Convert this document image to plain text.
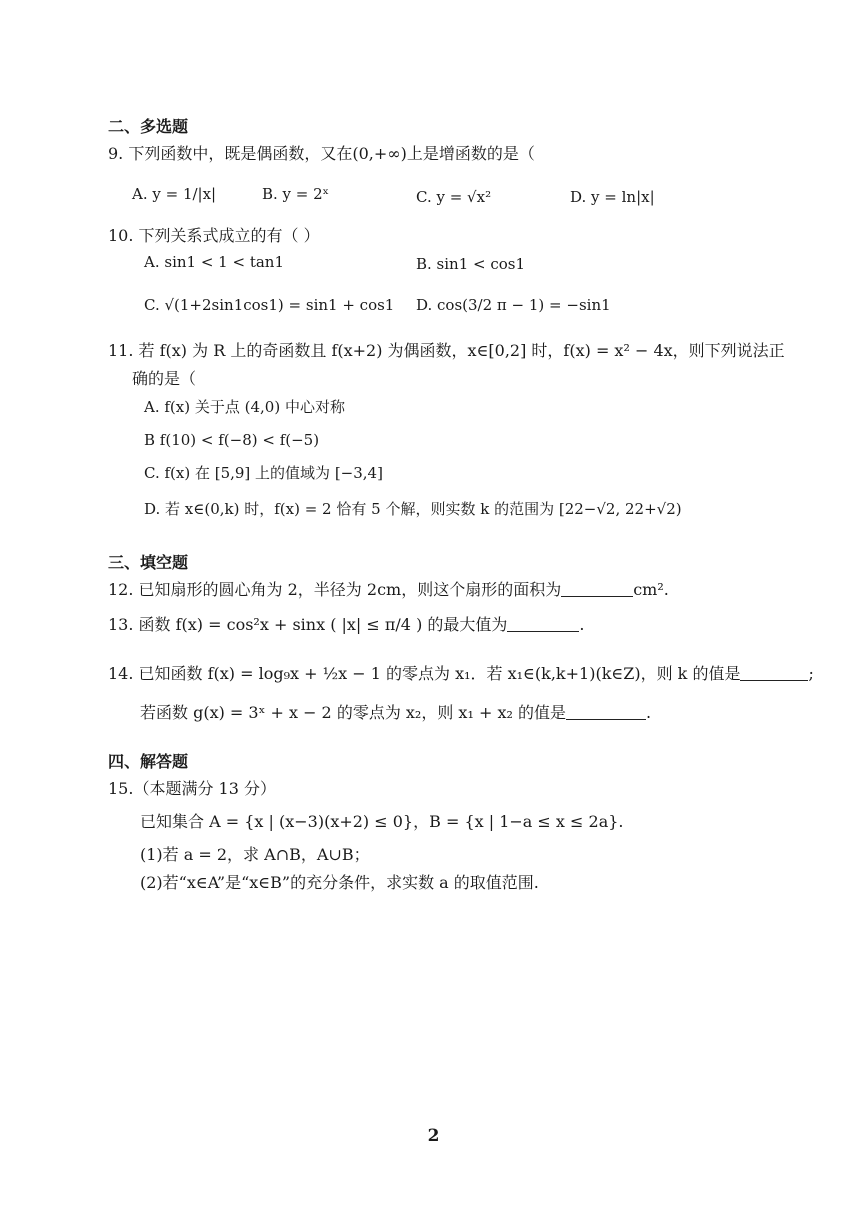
二、多选题
9. 下列函数中，既是偶函数，又在(0,+∞)上是增函数的是（
A. y = 1/|x|	B. y = 2ˣ	C. y = √x²	D. y = ln|x|
10. 下列关系式成立的有（ ）
A. sin1 < 1 < tan1	B. sin1 < cos1
C. √(1+2sin1cos1) = sin1 + cos1 D. cos(3/2 π − 1) = −sin1
11. 若 f(x) 为 R 上的奇函数且 f(x+2) 为偶函数，x∈[0,2] 时，f(x) = x² − 4x，则下列说法正
确的是（
A. f(x) 关于点 (4,0) 中心对称
B f(10) < f(−8) < f(−5)
C. f(x) 在 [5,9] 上的值域为 [−3,4]
D. 若 x∈(0,k) 时，f(x) = 2 恰有 5 个解，则实数 k 的范围为 [22−√2, 22+√2)
三、填空题
12. 已知扇形的圆心角为 2，半径为 2cm，则这个扇形的面积为	cm².
13. 函数 f(x) = cos²x + sinx ( |x| ≤ π/4 ) 的最大值为	.
14. 已知函数 f(x) = log₉x + ½x − 1 的零点为 x₁．若 x₁∈(k,k+1)(k∈Z)，则 k 的值是	;
若函数 g(x) = 3ˣ + x − 2 的零点为 x₂，则 x₁ + x₂ 的值是	.
四、解答题
15.（本题满分 13 分）
已知集合 A = {x | (x−3)(x+2) ≤ 0}，B = {x | 1−a ≤ x ≤ 2a}.
(1)若 a = 2，求 A∩B，A∪B；
(2)若“x∈A”是“x∈B”的充分条件，求实数 a 的取值范围.
2
